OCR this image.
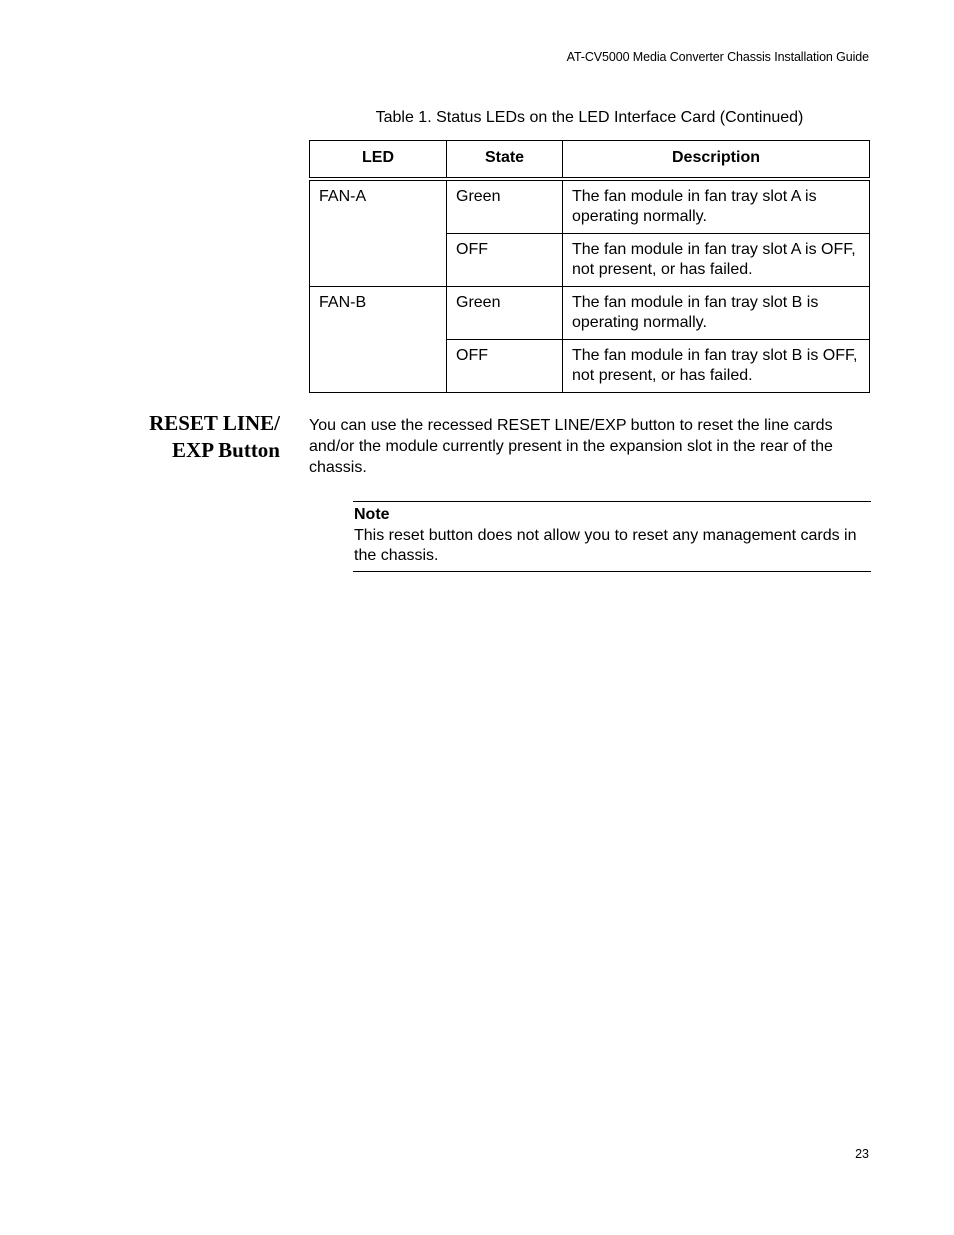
AT-CV5000 Media Converter Chassis Installation Guide
Table 1. Status LEDs on the LED Interface Card (Continued)
LED	State	Description
FAN-A	Green	The fan module in fan tray slot A is operating normally.
	OFF	The fan module in fan tray slot A is OFF, not present, or has failed.
FAN-B	Green	The fan module in fan tray slot B is operating normally.
	OFF	The fan module in fan tray slot B is OFF, not present, or has failed.
RESET LINE/
EXP Button
You can use the recessed RESET LINE/EXP button to reset the line cards and/or the module currently present in the expansion slot in the rear of the chassis.
Note
This reset button does not allow you to reset any management cards in the chassis.
23
